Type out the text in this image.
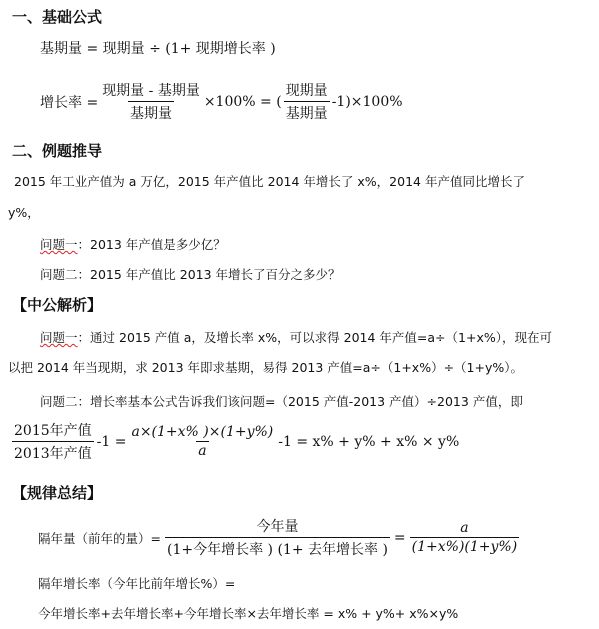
一、基础公式
基期量 = 现期量 ÷ (1+ 现期增长率 )
增长率 = $\frac{\text{现期量 - 基期量}}{\text{基期量}} \times 100\%$ = ( $\frac{\text{现期量}}{\text{基期量}} -1)\times 100\%$
二、例题推导
2015 年工业产值为 a 万亿，2015 年产值比 2014 年增长了 x%，2014 年产值同比增长了
y%，
问题一：2013 年产值是多少亿？
问题二：2015 年产值比 2013 年增长了百分之多少？
【中公解析】
问题一：通过 2015 产值 a，及增长率 x%，可以求得 2014 年产值=a÷（1+x%），现在可
以把 2014 年当现期，求 2013 年即求基期，易得 2013 产值=a÷（1+x%）÷（1+y%）。
问题二：增长率基本公式告诉我们该问题=（2015 产值-2013 产值）÷2013 产值，即
$\frac{\text{2015年产值}}{\text{2013年产值}} -1 = \frac{a\times(1+x\% )\times(1+y\%)}{a} -1 = x\% + y\% + x\% \times y\%$
【规律总结】
隔年量（前年的量）= $\frac{\text{今年量}}{\text{(1+今年增长率 ) (1+ 去年增长率 )}} = \frac{a}{(1+x\%)(1+y\%)}$
隔年增长率（今年比前年增长%）=
今年增长率+去年增长率+今年增长率×去年增长率 = x% + y%+ x%×y%
